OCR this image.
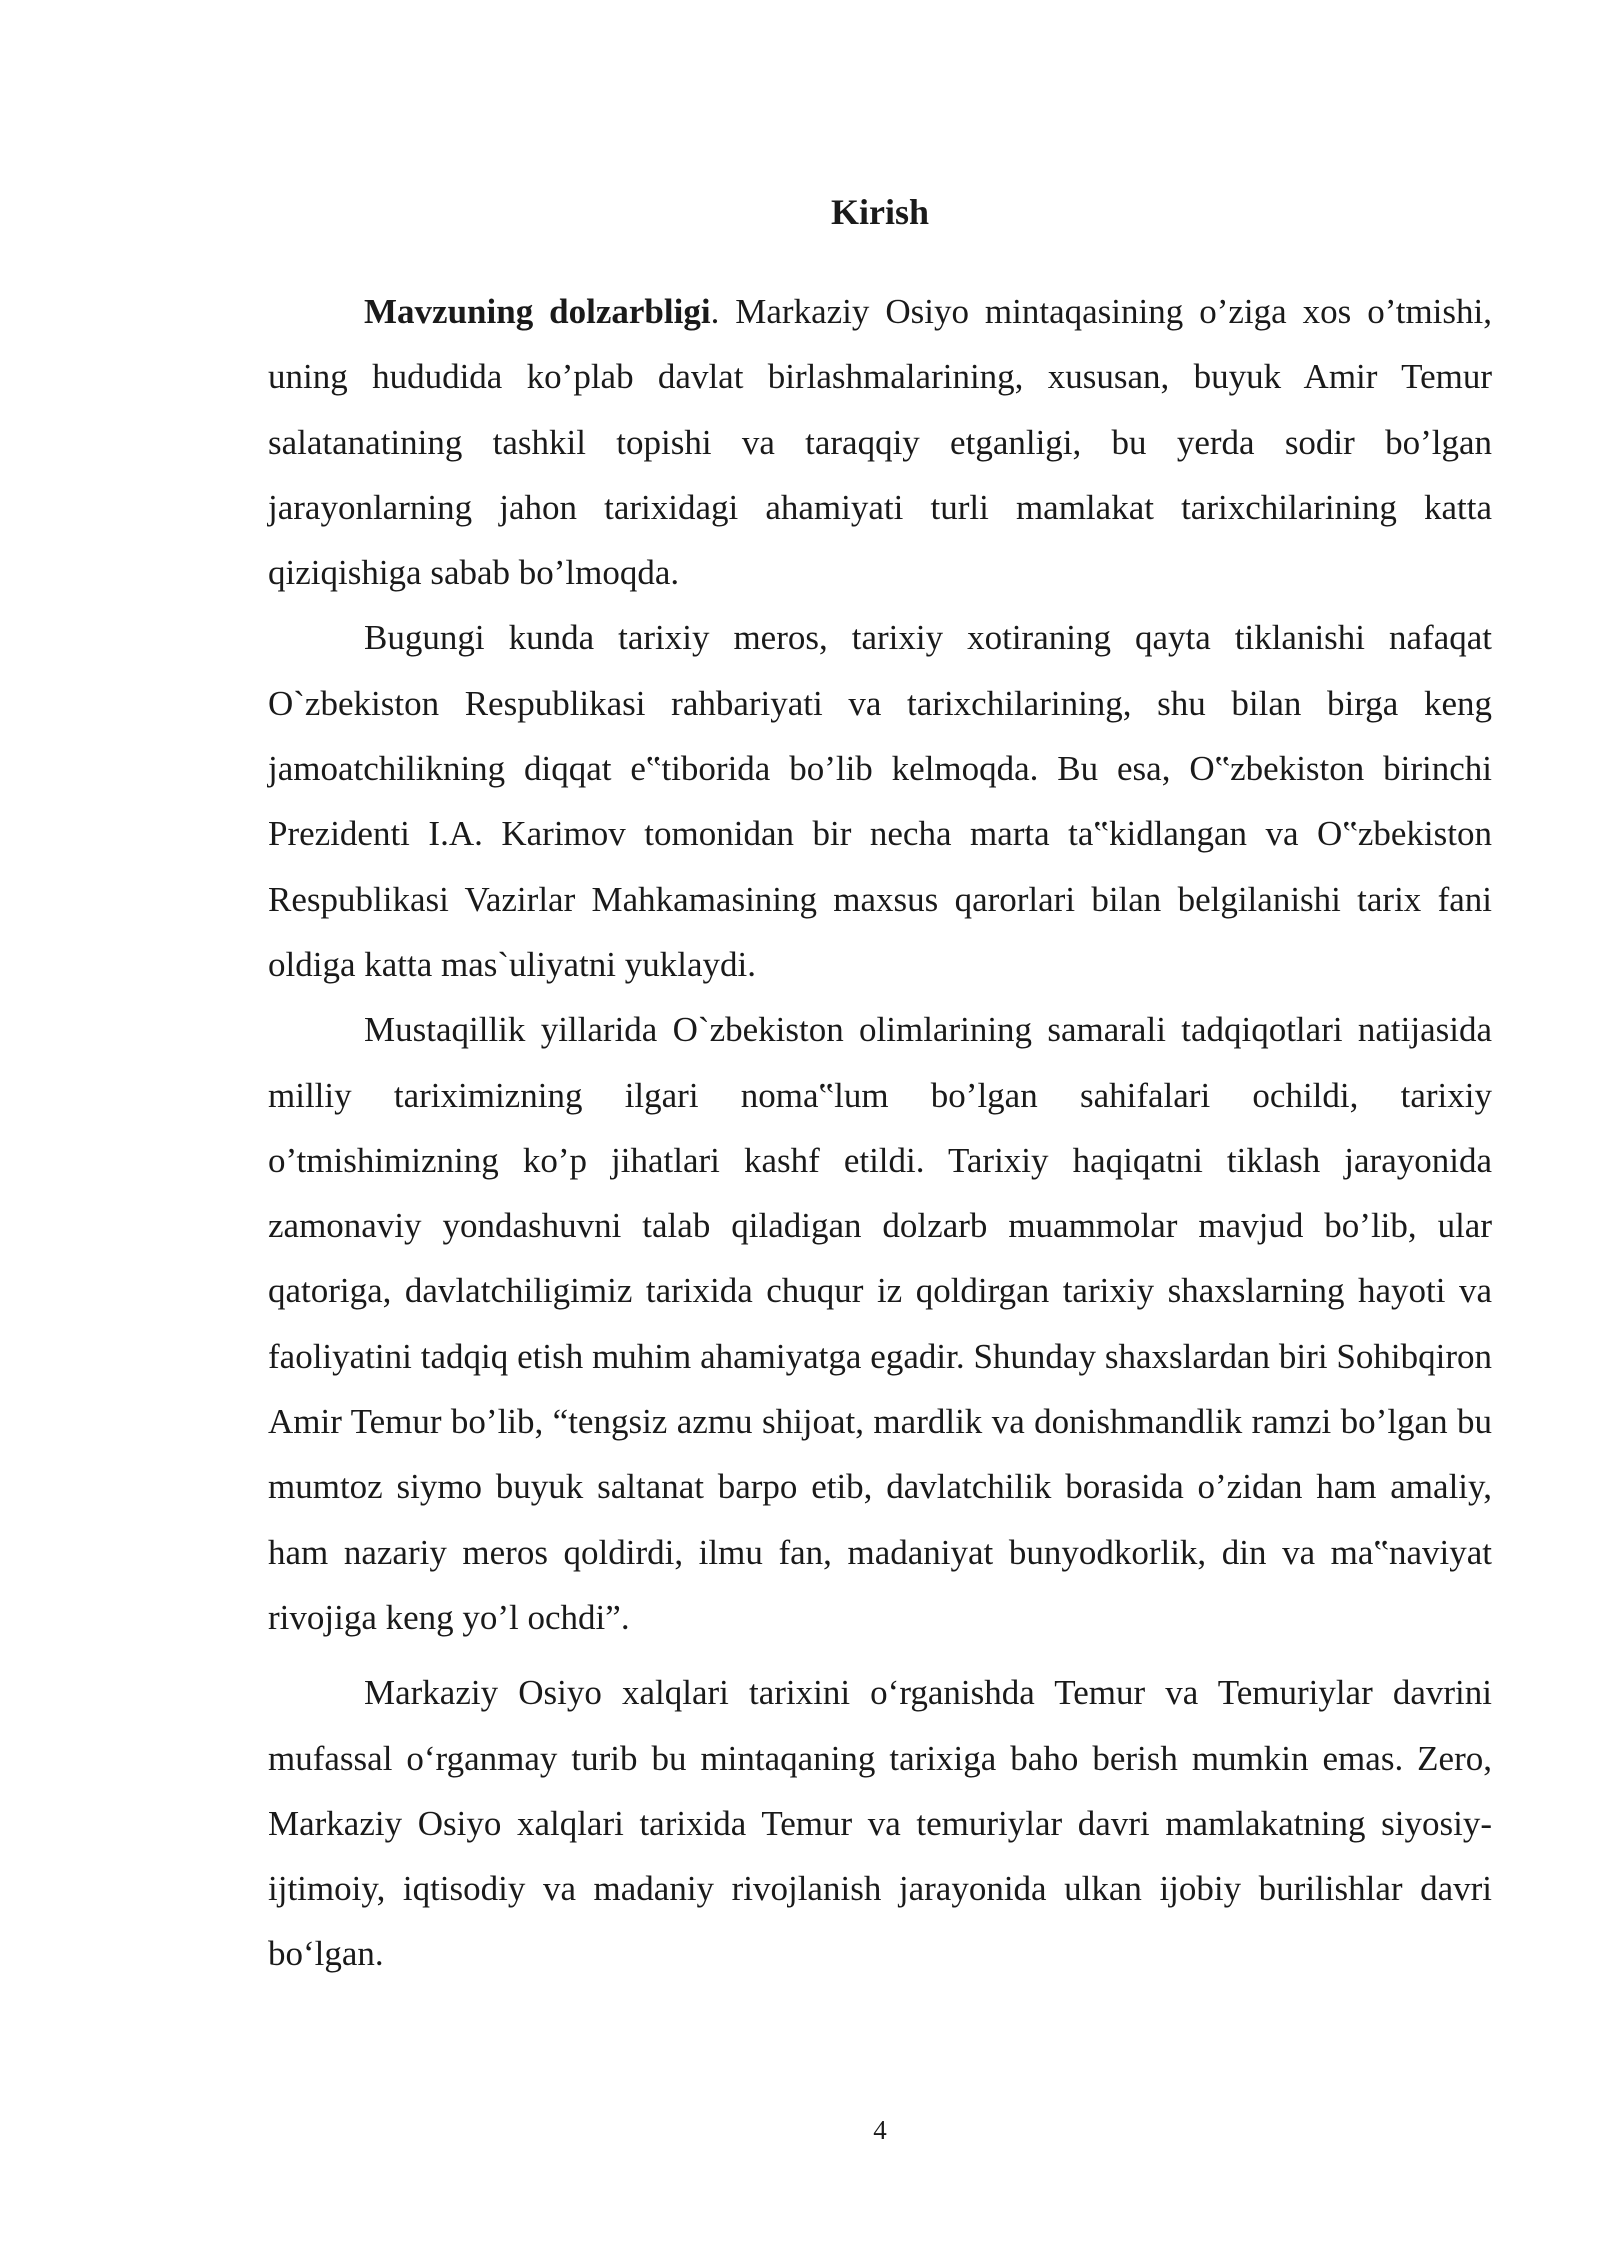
Kirish

Mavzuning dolzarbligi. Markaziy Osiyo mintaqasining o’ziga xos o’tmishi, uning hududida ko’plab davlat birlashmalarining, xususan, buyuk Amir Temur salatanatining tashkil topishi va taraqqiy etganligi, bu yerda sodir bo’lgan jarayonlarning jahon tarixidagi ahamiyati turli mamlakat tarixchilarining katta qiziqishiga sabab bo’lmoqda.

Bugungi kunda tarixiy meros, tarixiy xotiraning qayta tiklanishi nafaqat O`zbekiston Respublikasi rahbariyati va tarixchilarining, shu bilan birga keng jamoatchilikning diqqat e‟tiborida bo’lib kelmoqda. Bu esa, O‟zbekiston birinchi Prezidenti I.A. Karimov tomonidan bir necha marta ta‟kidlangan va O‟zbekiston Respublikasi Vazirlar Mahkamasining maxsus qarorlari bilan belgilanishi tarix fani oldiga katta mas`uliyatni yuklaydi.

Mustaqillik yillarida O`zbekiston olimlarining samarali tadqiqotlari natijasida milliy tariximizning ilgari noma‟lum bo’lgan sahifalari ochildi, tarixiy o’tmishimizning ko’p jihatlari kashf etildi. Tarixiy haqiqatni tiklash jarayonida zamonaviy yondashuvni talab qiladigan dolzarb muammolar mavjud bo’lib, ular qatoriga, davlatchiligimiz tarixida chuqur iz qoldirgan tarixiy shaxslarning hayoti va faoliyatini tadqiq etish muhim ahamiyatga egadir. Shunday shaxslardan biri Sohibqiron Amir Temur bo’lib, “tengsiz azmu shijoat, mardlik va donishmandlik ramzi bo’lgan bu mumtoz siymo buyuk saltanat barpo etib, davlatchilik borasida o’zidan ham amaliy, ham nazariy meros qoldirdi, ilmu fan, madaniyat bunyodkorlik, din va ma‟naviyat rivojiga keng yo’l ochdi”.

Markaziy Osiyo xalqlari tarixini o‘rganishda Temur va Temuriylar davrini mufassal o‘rganmay turib bu mintaqaning tarixiga baho berish mumkin emas. Zero, Markaziy Osiyo xalqlari tarixida Temur va temuriylar davri mamlakatning siyosiy-ijtimoiy, iqtisodiy va madaniy rivojlanish jarayonida ulkan ijobiy burilishlar davri bo‘lgan.

4
